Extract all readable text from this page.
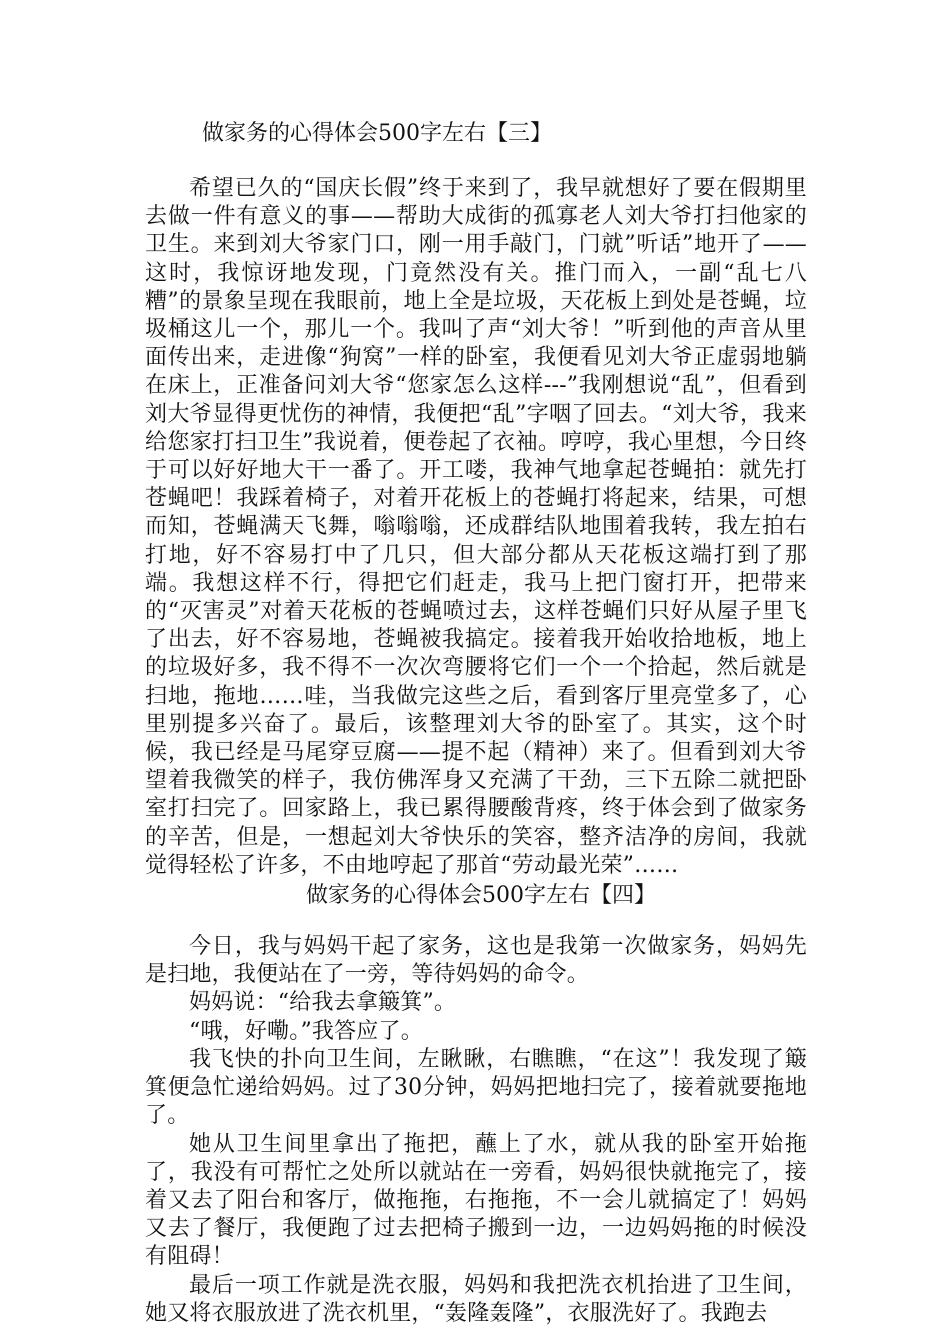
做家务的心得体会500字左右【三】

希望已久的“国庆长假”终于来到了，我早就想好了要在假期里去做一件有意义的事——帮助大成街的孤寡老人刘大爷打扫他家的卫生。来到刘大爷家门口，刚一用手敲门，门就”听话”地开了——这时，我惊讶地发现，门竟然没有关。推门而入，一副“乱七八糟”的景象呈现在我眼前，地上全是垃圾，天花板上到处是苍蝇，垃圾桶这儿一个，那儿一个。我叫了声“刘大爷！”听到他的声音从里面传出来，走进像“狗窝”一样的卧室，我便看见刘大爷正虚弱地躺在床上，正准备问刘大爷“您家怎么这样---”我刚想说“乱”，但看到刘大爷显得更忧伤的神情，我便把“乱”字咽了回去。“刘大爷，我来给您家打扫卫生”我说着，便卷起了衣袖。哼哼，我心里想，今日终于可以好好地大干一番了。开工喽，我神气地拿起苍蝇拍：就先打苍蝇吧！我踩着椅子，对着开花板上的苍蝇打将起来，结果，可想而知，苍蝇满天飞舞，嗡嗡嗡，还成群结队地围着我转，我左拍右打地，好不容易打中了几只，但大部分都从天花板这端打到了那端。我想这样不行，得把它们赶走，我马上把门窗打开，把带来的“灭害灵”对着天花板的苍蝇喷过去，这样苍蝇们只好从屋子里飞了出去，好不容易地，苍蝇被我搞定。接着我开始收拾地板，地上的垃圾好多，我不得不一次次弯腰将它们一个一个拾起，然后就是扫地，拖地……哇，当我做完这些之后，看到客厅里亮堂多了，心里别提多兴奋了。最后，该整理刘大爷的卧室了。其实，这个时候，我已经是马尾穿豆腐——提不起（精神）来了。但看到刘大爷望着我微笑的样子，我仿佛浑身又充满了干劲，三下五除二就把卧室打扫完了。回家路上，我已累得腰酸背疼，终于体会到了做家务的辛苦，但是，一想起刘大爷快乐的笑容，整齐洁净的房间，我就觉得轻松了许多，不由地哼起了那首“劳动最光荣”……

做家务的心得体会500字左右【四】

今日，我与妈妈干起了家务，这也是我第一次做家务，妈妈先是扫地，我便站在了一旁，等待妈妈的命令。

妈妈说：“给我去拿簸箕”。

“哦，好嘞。”我答应了。

我飞快的扑向卫生间，左瞅瞅，右瞧瞧，“在这”！我发现了簸箕便急忙递给妈妈。过了30分钟，妈妈把地扫完了，接着就要拖地了。

她从卫生间里拿出了拖把，蘸上了水，就从我的卧室开始拖了，我没有可帮忙之处所以就站在一旁看，妈妈很快就拖完了，接着又去了阳台和客厅，做拖拖，右拖拖，不一会儿就搞定了！妈妈又去了餐厅，我便跑了过去把椅子搬到一边，一边妈妈拖的时候没有阻碍！

最后一项工作就是洗衣服，妈妈和我把洗衣机抬进了卫生间，她又将衣服放进了洗衣机里，“轰隆轰隆”，衣服洗好了。我跑去
